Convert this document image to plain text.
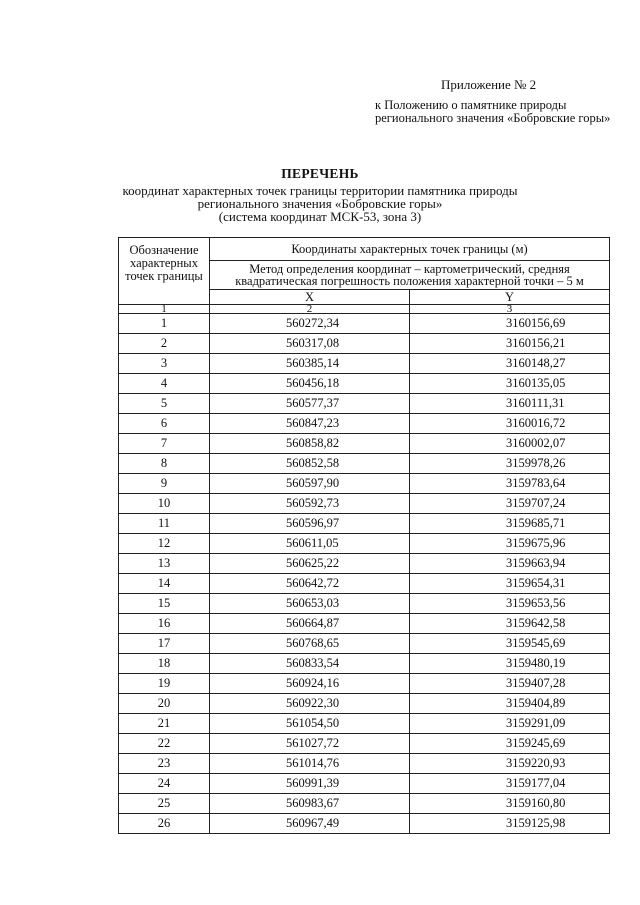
Приложение № 2
к Положению о памятнике природы регионального значения «Бобровские горы»
ПЕРЕЧЕНЬ
координат характерных точек границы территории памятника природы
регионального значения «Бобровские горы»
(система координат МСК-53, зона 3)
Обозначение характерных точек границы	Координаты характерных точек границы (м)	
	Метод определения координат – картометрический, средняя квадратическая погрешность положения характерной точки – 5 м	
	X	Y
1	2	3
1	560272,34	3160156,69
2	560317,08	3160156,21
3	560385,14	3160148,27
4	560456,18	3160135,05
5	560577,37	3160111,31
6	560847,23	3160016,72
7	560858,82	3160002,07
8	560852,58	3159978,26
9	560597,90	3159783,64
10	560592,73	3159707,24
11	560596,97	3159685,71
12	560611,05	3159675,96
13	560625,22	3159663,94
14	560642,72	3159654,31
15	560653,03	3159653,56
16	560664,87	3159642,58
17	560768,65	3159545,69
18	560833,54	3159480,19
19	560924,16	3159407,28
20	560922,30	3159404,89
21	561054,50	3159291,09
22	561027,72	3159245,69
23	561014,76	3159220,93
24	560991,39	3159177,04
25	560983,67	3159160,80
26	560967,49	3159125,98
